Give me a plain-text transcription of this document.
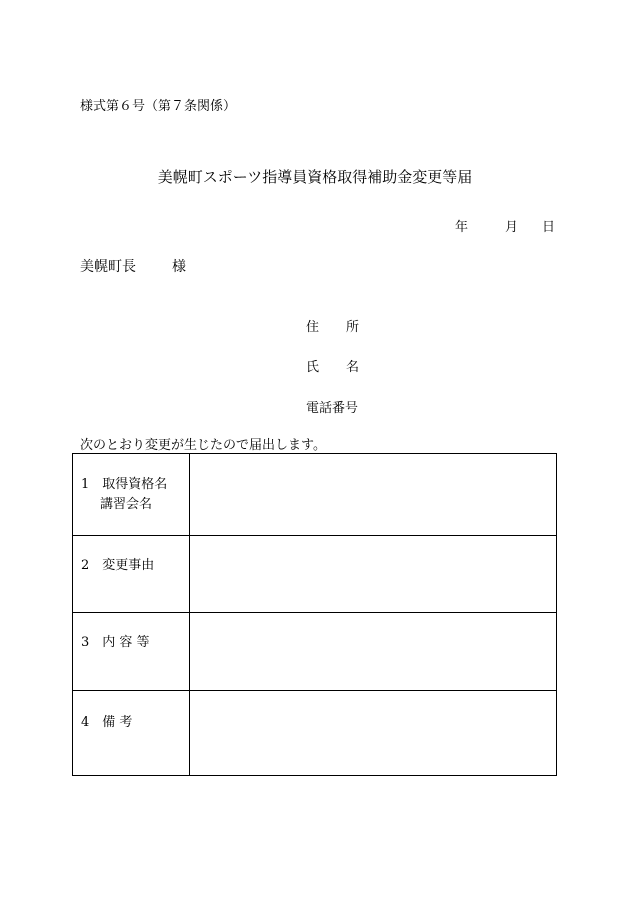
様式第６号（第７条関係）
美幌町スポーツ指導員資格取得補助金変更等届
年	月 日
美幌町長	様
住 所
氏 名
電話番号
次のとおり変更が生じたので届出します。
1　取得資格名
講習会名	

2　変更事由	

3　内 容 等	

4　備 考	
